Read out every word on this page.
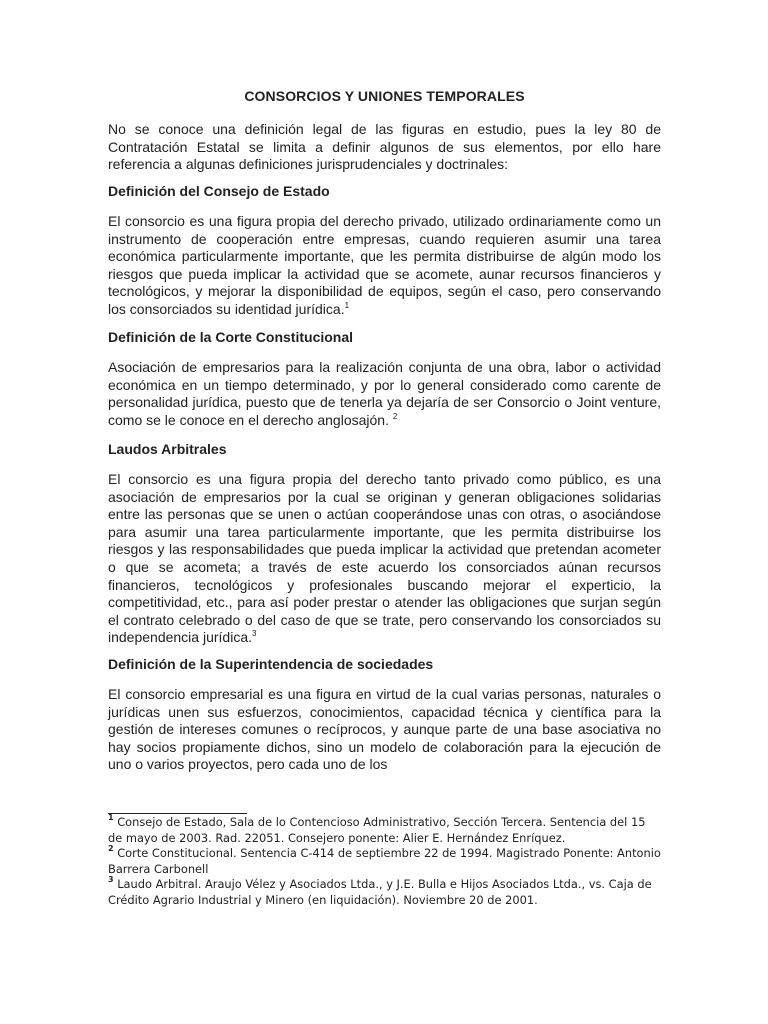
CONSORCIOS Y UNIONES TEMPORALES

No se conoce una definición legal de las figuras en estudio, pues la ley 80 de Contratación Estatal se limita a definir algunos de sus elementos, por ello hare referencia a algunas definiciones jurisprudenciales y doctrinales:

Definición del Consejo de Estado

El consorcio es una figura propia del derecho privado, utilizado ordinariamente como un instrumento de cooperación entre empresas, cuando requieren asumir una tarea económica particularmente importante, que les permita distribuirse de algún modo los riesgos que pueda implicar la actividad que se acomete, aunar recursos financieros y tecnológicos, y mejorar la disponibilidad de equipos, según el caso, pero conservando los consorciados su identidad jurídica.$^1$

Definición de la Corte Constitucional

Asociación de empresarios para la realización conjunta de una obra, labor o actividad económica en un tiempo determinado, y por lo general considerado como carente de personalidad jurídica, puesto que de tenerla ya dejaría de ser Consorcio o Joint venture, como se le conoce en el derecho anglosajón. $^2$

Laudos Arbitrales

El consorcio es una figura propia del derecho tanto privado como público, es una asociación de empresarios por la cual se originan y generan obligaciones solidarias entre las personas que se unen o actúan cooperándose unas con otras, o asociándose para asumir una tarea particularmente importante, que les permita distribuirse los riesgos y las responsabilidades que pueda implicar la actividad que pretendan acometer o que se acometa; a través de este acuerdo los consorciados aúnan recursos financieros, tecnológicos y profesionales buscando mejorar el experticio, la competitividad, etc., para así poder prestar o atender las obligaciones que surjan según el contrato celebrado o del caso de que se trate, pero conservando los consorciados su independencia jurídica.$^3$

Definición de la Superintendencia de sociedades

El consorcio empresarial es una figura en virtud de la cual varias personas, naturales o jurídicas unen sus esfuerzos, conocimientos, capacidad técnica y científica para la gestión de intereses comunes o recíprocos, y aunque parte de una base asociativa no hay socios propiamente dichos, sino un modelo de colaboración para la ejecución de uno o varios proyectos, pero cada uno de los

$^1$ Consejo de Estado, Sala de lo Contencioso Administrativo, Sección Tercera. Sentencia del 15 de mayo de 2003. Rad. 22051. Consejero ponente: Alier E. Hernández Enríquez.

$^2$ Corte Constitucional. Sentencia C-414 de septiembre 22 de 1994. Magistrado Ponente: Antonio Barrera Carbonell

$^3$ Laudo Arbitral. Araujo Vélez y Asociados Ltda., y J.E. Bulla e Hijos Asociados Ltda., vs. Caja de Crédito Agrario Industrial y Minero (en liquidación). Noviembre 20 de 2001.
